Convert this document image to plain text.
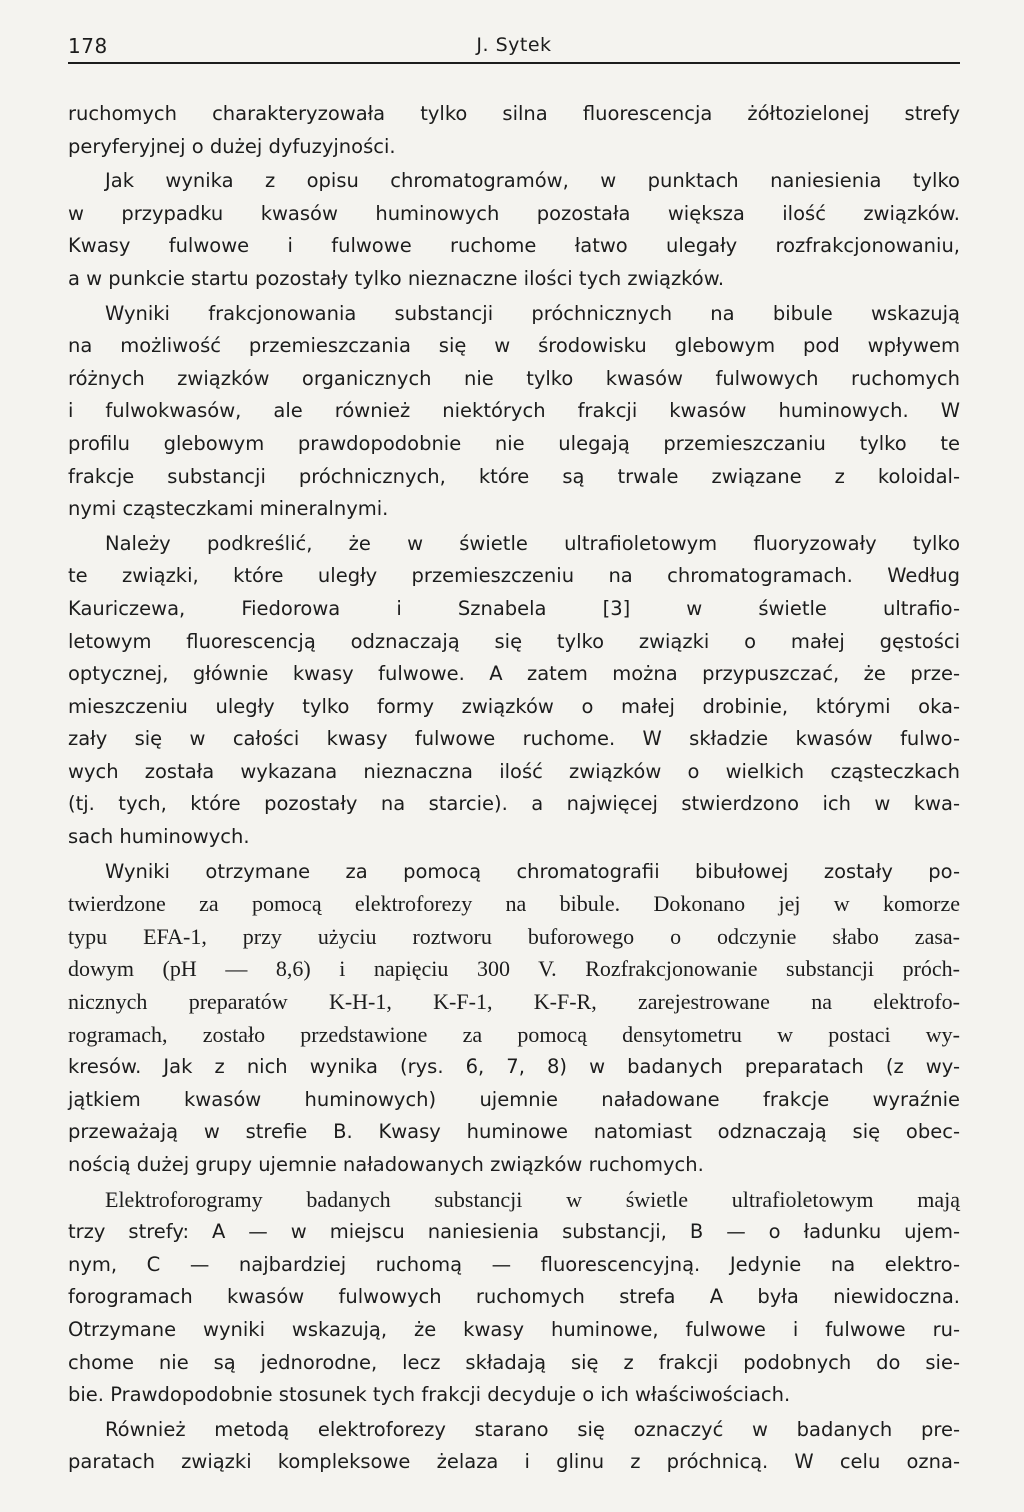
178	J. Sytek

ruchomych charakteryzowała tylko silna fluorescencja żółtozielonej strefy
peryferyjnej o dużej dyfuzyjności.

Jak wynika z opisu chromatogramów, w punktach naniesienia tylko
w przypadku kwasów huminowych pozostała większa ilość związków.
Kwasy fulwowe i fulwowe ruchome łatwo ulegały rozfrakcjonowaniu,
a w punkcie startu pozostały tylko nieznaczne ilości tych związków.

Wyniki frakcjonowania substancji próchnicznych na bibule wskazują
na możliwość przemieszczania się w środowisku glebowym pod wpływem
różnych związków organicznych nie tylko kwasów fulwowych ruchomych
i fulwokwasów, ale również niektórych frakcji kwasów huminowych. W
profilu glebowym prawdopodobnie nie ulegają przemieszczaniu tylko te
frakcje substancji próchnicznych, które są trwale związane z koloidal-
nymi cząsteczkami mineralnymi.

Należy podkreślić, że w świetle ultrafioletowym fluoryzowały tylko
te związki, które uległy przemieszczeniu na chromatogramach. Według
Kauriczewa, Fiedorowa i Sznabela [3] w świetle ultrafio-
letowym fluorescencją odznaczają się tylko związki o małej gęstości
optycznej, głównie kwasy fulwowe. A zatem można przypuszczać, że prze-
mieszczeniu uległy tylko formy związków o małej drobinie, którymi oka-
zały się w całości kwasy fulwowe ruchome. W składzie kwasów fulwo-
wych została wykazana nieznaczna ilość związków o wielkich cząsteczkach
(tj. tych, które pozostały na starcie). a najwięcej stwierdzono ich w kwa-
sach huminowych.

Wyniki otrzymane za pomocą chromatografii bibułowej zostały po-
twierdzone za pomocą elektroforezy na bibule. Dokonano jej w komorze
typu EFA-1, przy użyciu roztworu buforowego o odczynie słabo zasa-
dowym (pH — 8,6) i napięciu 300 V. Rozfrakcjonowanie substancji próch-
nicznych preparatów K-H-1, K-F-1, K-F-R, zarejestrowane na elektrofo-
rogramach, zostało przedstawione za pomocą densytometru w postaci wy-
kresów. Jak z nich wynika (rys. 6, 7, 8) w badanych preparatach (z wy-
jątkiem kwasów huminowych) ujemnie naładowane frakcje wyraźnie
przeważają w strefie B. Kwasy huminowe natomiast odznaczają się obec-
nością dużej grupy ujemnie naładowanych związków ruchomych.

Elektroforogramy badanych substancji w świetle ultrafioletowym mają
trzy strefy: A — w miejscu naniesienia substancji, B — o ładunku ujem-
nym, C — najbardziej ruchomą — fluorescencyjną. Jedynie na elektro-
forogramach kwasów fulwowych ruchomych strefa A była niewidoczna.
Otrzymane wyniki wskazują, że kwasy huminowe, fulwowe i fulwowe ru-
chome nie są jednorodne, lecz składają się z frakcji podobnych do sie-
bie. Prawdopodobnie stosunek tych frakcji decyduje o ich właściwościach.

Również metodą elektroforezy starano się oznaczyć w badanych pre-
paratach związki kompleksowe żelaza i glinu z próchnicą. W celu ozna-
